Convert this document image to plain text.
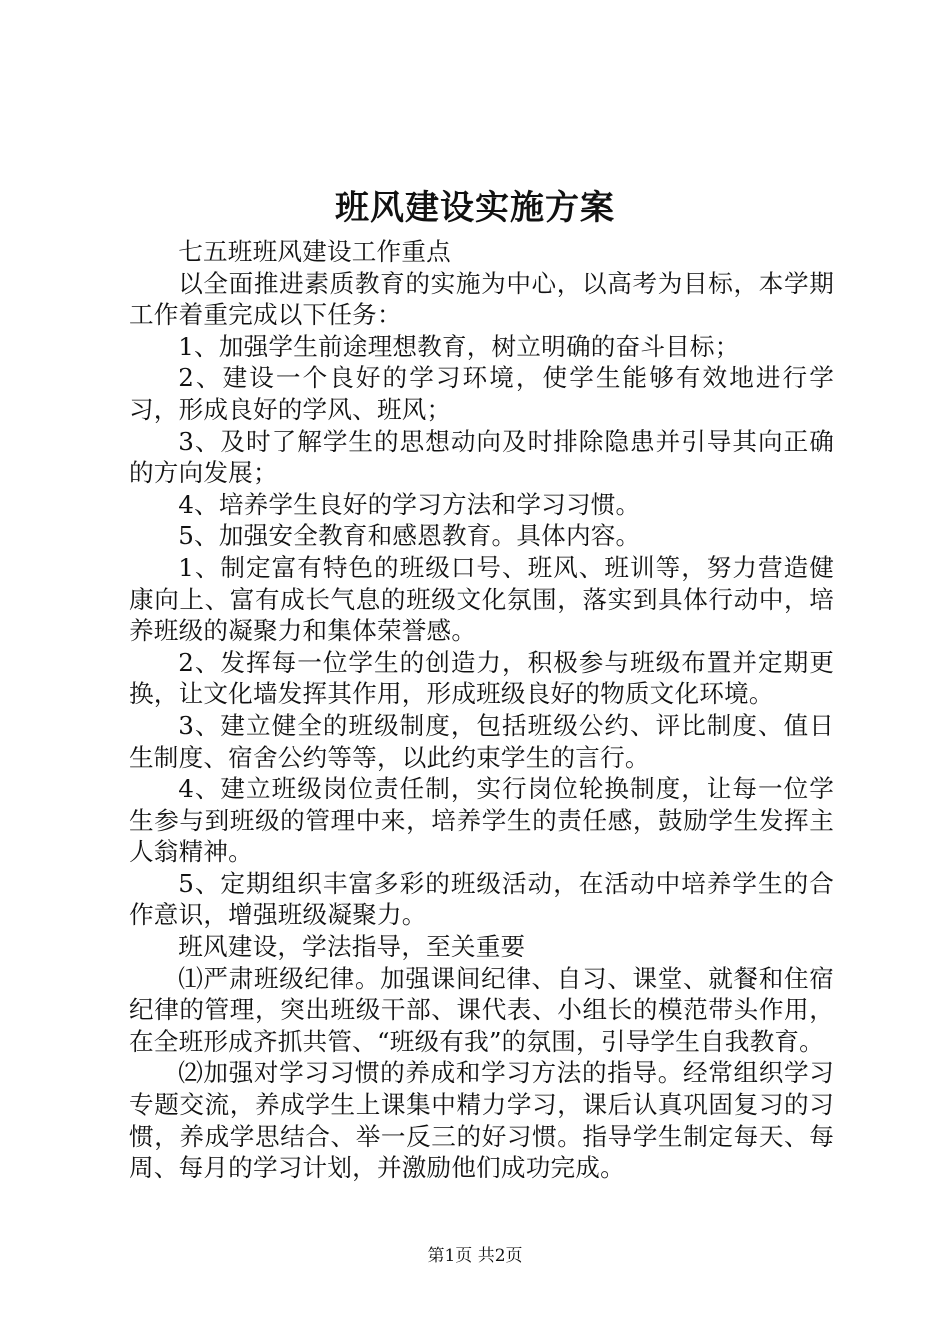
班风建设实施方案

七五班班风建设工作重点

以全面推进素质教育的实施为中心，以高考为目标，本学期工作着重完成以下任务：

1、加强学生前途理想教育，树立明确的奋斗目标；

2、建设一个良好的学习环境，使学生能够有效地进行学习，形成良好的学风、班风；

3、及时了解学生的思想动向及时排除隐患并引导其向正确的方向发展；

4、培养学生良好的学习方法和学习习惯。

5、加强安全教育和感恩教育。具体内容。

1、制定富有特色的班级口号、班风、班训等，努力营造健康向上、富有成长气息的班级文化氛围，落实到具体行动中，培养班级的凝聚力和集体荣誉感。

2、发挥每一位学生的创造力，积极参与班级布置并定期更换，让文化墙发挥其作用，形成班级良好的物质文化环境。

3、建立健全的班级制度，包括班级公约、评比制度、值日生制度、宿舍公约等等，以此约束学生的言行。

4、建立班级岗位责任制，实行岗位轮换制度，让每一位学生参与到班级的管理中来，培养学生的责任感，鼓励学生发挥主人翁精神。

5、定期组织丰富多彩的班级活动，在活动中培养学生的合作意识，增强班级凝聚力。

班风建设，学法指导，至关重要

⑴严肃班级纪律。加强课间纪律、自习、课堂、就餐和住宿纪律的管理，突出班级干部、课代表、小组长的模范带头作用，在全班形成齐抓共管、“班级有我”的氛围，引导学生自我教育。

⑵加强对学习习惯的养成和学习方法的指导。经常组织学习专题交流，养成学生上课集中精力学习，课后认真巩固复习的习惯，养成学思结合、举一反三的好习惯。指导学生制定每天、每周、每月的学习计划，并激励他们成功完成。

第1页 共2页
